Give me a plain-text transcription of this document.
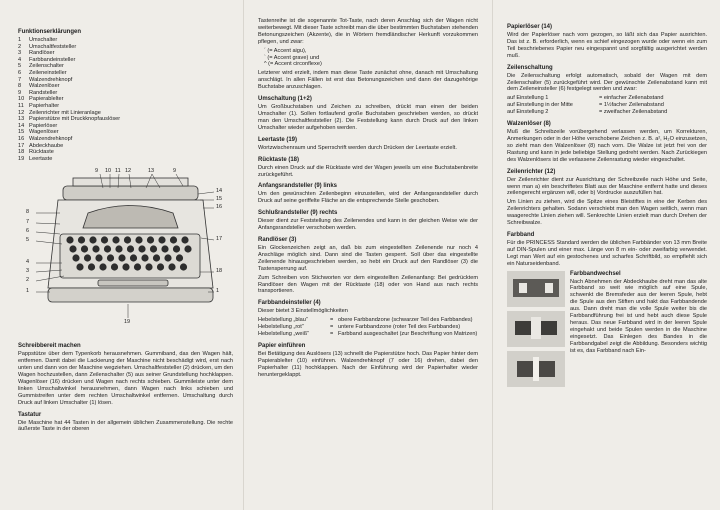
Funktionserklärungen
1	Umschalter
2	Umschaltfeststeller
3	Randlöser
4	Farbbandeinsteller
5	Zeilenschalter
6	Zeileneinsteller
7	Walzendrehknopf
8	Walzenlöser
9	Randsteller
10 Papierablelter
11 Papierhalter
12 Zeilenrichter mit Linieranlage
13 Papierstütze mit Druckknopfauslöser
14 Papierlöser
15 Wagenlöser
16 Walzendrehknopf
17 Abdeckhaube
18 Rücktaste
19 Leertaste
9 10 11 12	13	9
8
7
6
5
4
3
2
1
14
15
16
17
18
1
19
Schreibbereit machen

Pappstütze über dem Typenkorb herausnehmen. Gummiband, das den Wagen hält, entfernen. Damit dabei die Lackierung der Maschine nicht beschädigt wird, erst nach unten und dann von der Maschine wegziehen. Umschaltfeststeller (2) drücken, um den Wagen hochzustellen, dann Zeilenschalter (5) aus seiner Grundstellung hochklappen. Wagenlöser (16) drücken und Wagen nach rechts schieben. Gummileiste unter dem linken Umschaltwinkel herausnehmen, dann Wagen nach links schieben und Gummistreifen unter dem rechten Umschaltwinkel entfernen. Umschaltung durch Druck auf linken Umschalter (1) lösen.

Tastatur

Die Maschine hat 44 Tasten in der allgemein üblichen Zusammenstellung. Die rechte äußerste Taste in der oberen

Tastenreihe ist die sogenannte Tot-Taste, nach deren Anschlag sich der Wagen nicht weiterbewegt. Mit dieser Taste schreibt man die über bestimmten Buchstaben stehenden Betonungszeichen (Akzente), die in Wörtern fremdländischer Herkunft vorzukommen pflegen, und zwar:

´ (= Accent aigu),
` (= Accent grave) und
^ (= Accent circonflexe)

Letzterer wird erzielt, indem man diese Taste zunächst ohne, danach mit Umschaltung anschlägt. In allen Fällen ist erst das Betonungszeichen und dann der dazugehörige Buchstabe anzuschlagen.

Umschaltung (1+2)

Um Großbuchstaben und Zeichen zu schreiben, drückt man einen der beiden Umschalter (1). Sollen fortlaufend große Buchstaben geschrieben werden, so drückt man den Umschaltfeststeller (2). Die Feststellung kann durch Druck auf den linken Umschalter wieder aufgehoben werden.

Leertaste (19)

Wortzwischenraum und Sperrschrift werden durch Drücken der Leertaste erzielt.

Rücktaste (18)

Durch einen Druck auf die Rücktaste wird der Wagen jeweils um eine Buchstabenbreite zurückgeführt.

Anfangsrandsteller (9) links

Um den gewünschten Zeilenbeginn einzustellen, wird der Anfangsrandsteller durch Druck auf seine geriffelte Fläche an die entsprechende Stelle geschoben.

Schlußrandsteller (9) rechts

Dieser dient zur Feststellung des Zeilenendes und kann in der gleichen Weise wie der Anfangsrandsteller verschoben werden.

Randlöser (3)

Ein Glockenzeichen zeigt an, daß bis zum eingestellten Zeilenende nur noch 4 Anschläge möglich sind. Dann sind die Tasten gesperrt. Soll über das eingestellte Zeilenende hinausgeschrieben werden, so hebt ein Druck auf den Randlöser (3) die Tastensperrung auf.

Zum Schreiben von Stichworten vor dem eingestellten Zeilenanfang: Bei gedrücktem Randlöser den Wagen mit der Rücktaste (18) oder von Hand aus nach rechts transportieren.

Farbbandeinsteller (4)

Dieser bietet 3 Einstellmöglichkeiten

Hebelstellung „blau“	=	obere Farbbandzone (schwarzer Teil des Farbbandes)
Hebelstellung „rot“	=	untere Farbbandzone (roter Teil des Farbbandes)
Hebelstellung „weiß“	=	Farbband ausgeschaltet (zur Beschriftung von Matrizen)
Papier einführen

Bei Betätigung des Auslösers (13) schnellt die Papierstütze hoch. Das Papier hinter dem Papierablelter (10) einführen. Walzendrehknopf (7 oder 16) drehen, dabei den Papierhalter (11) hochklappen. Nach der Einführung wird der Papierhalter wieder heruntergeklappt.

Papierlöser (14)

Wird der Papierlöser nach vorn gezogen, so läßt sich das Papier ausrichten. Das ist z. B. erforderlich, wenn es schief eingezogen wurde oder wenn ein zum Teil beschriebenes Papier neu eingespannt und sorgfältig ausgerichtet werden muß.

Zeilenschaltung

Die Zeilenschaltung erfolgt automatisch, sobald der Wagen mit dem Zeilenschalter (5) zurückgeführt wird. Der gewünschte Zeilenabstand kann mit dem Zeileneinsteller (6) festgelegt werden und zwar:

auf Einstellung 1	= einfacher Zeilenabstand
auf Einstellung in der Mitte	= 1½facher Zeilenabstand
auf Einstellung 2	= zweifacher Zeilenabstand
Walzenlöser (8)

Muß die Schreibzeile vorübergehend verlassen werden, um Korrekturen, Anmerkungen oder in der Höhe verschobene Zeichen z. B. a², H₂O einzusetzen, so zieht man den Walzenlöser (8) nach vorn. Die Walze ist jetzt frei von der Rastung und kann in jede beliebige Stellung gedreht werden. Nach Zurückiegen des Walzenlösers ist die verlassene Zeilenrastung wieder eingeschaltet.

Zeilenrichter (12)

Der Zeilenrichter dient zur Ausrichtung der Schreibzeile nach Höhe und Seite, wenn man a) ein beschriftetes Blatt aus der Maschine entfernt hatte und dieses zeilengerecht ergänzen will, oder b) Vordrucke auszufüllen hat.

Um Linien zu ziehen, wird die Spitze eines Bleistiftes in eine der Kerben des Zeilenrichters gehalten. Sodann verschiebt man den Wagen seitlich, wenn man waagerechte Linien ziehen will. Senkrechte Linien erzielt man durch Drehen der Schreibwalze.

Farbband

Für die PRINCESS Standard werden die üblichen Farbbänder von 13 mm Breite auf DIN-Spulen und einer max. Länge von 8 m ein- oder zweifarbig verwendet. Legt man Wert auf ein gestochenes und scharfes Schriftbild, so empfiehlt sich ein Naturseidenband.

Farbbandwechsel

Nach Abnehmen der Abdeckhaube dreht man das alte Farbband so weit wie möglich auf eine Spule, schwenkt die Bremsfeder aus der leeren Spule, hebt die Spule aus den Stiften und hakt das Farbbandende aus. Dann dreht man die volle Spule weiter bis die Farbbandführung frei ist und hebt auch diese Spule heraus. Das neue Farbband wird in der leeren Spule eingehakt und beide Spulen werden in die Maschine eingesetzt. Das Einlegen des Bandes in die Farbbandgabel zeigt die Abbildung. Besonders wichtig ist es, das Farbband nach Ein-
